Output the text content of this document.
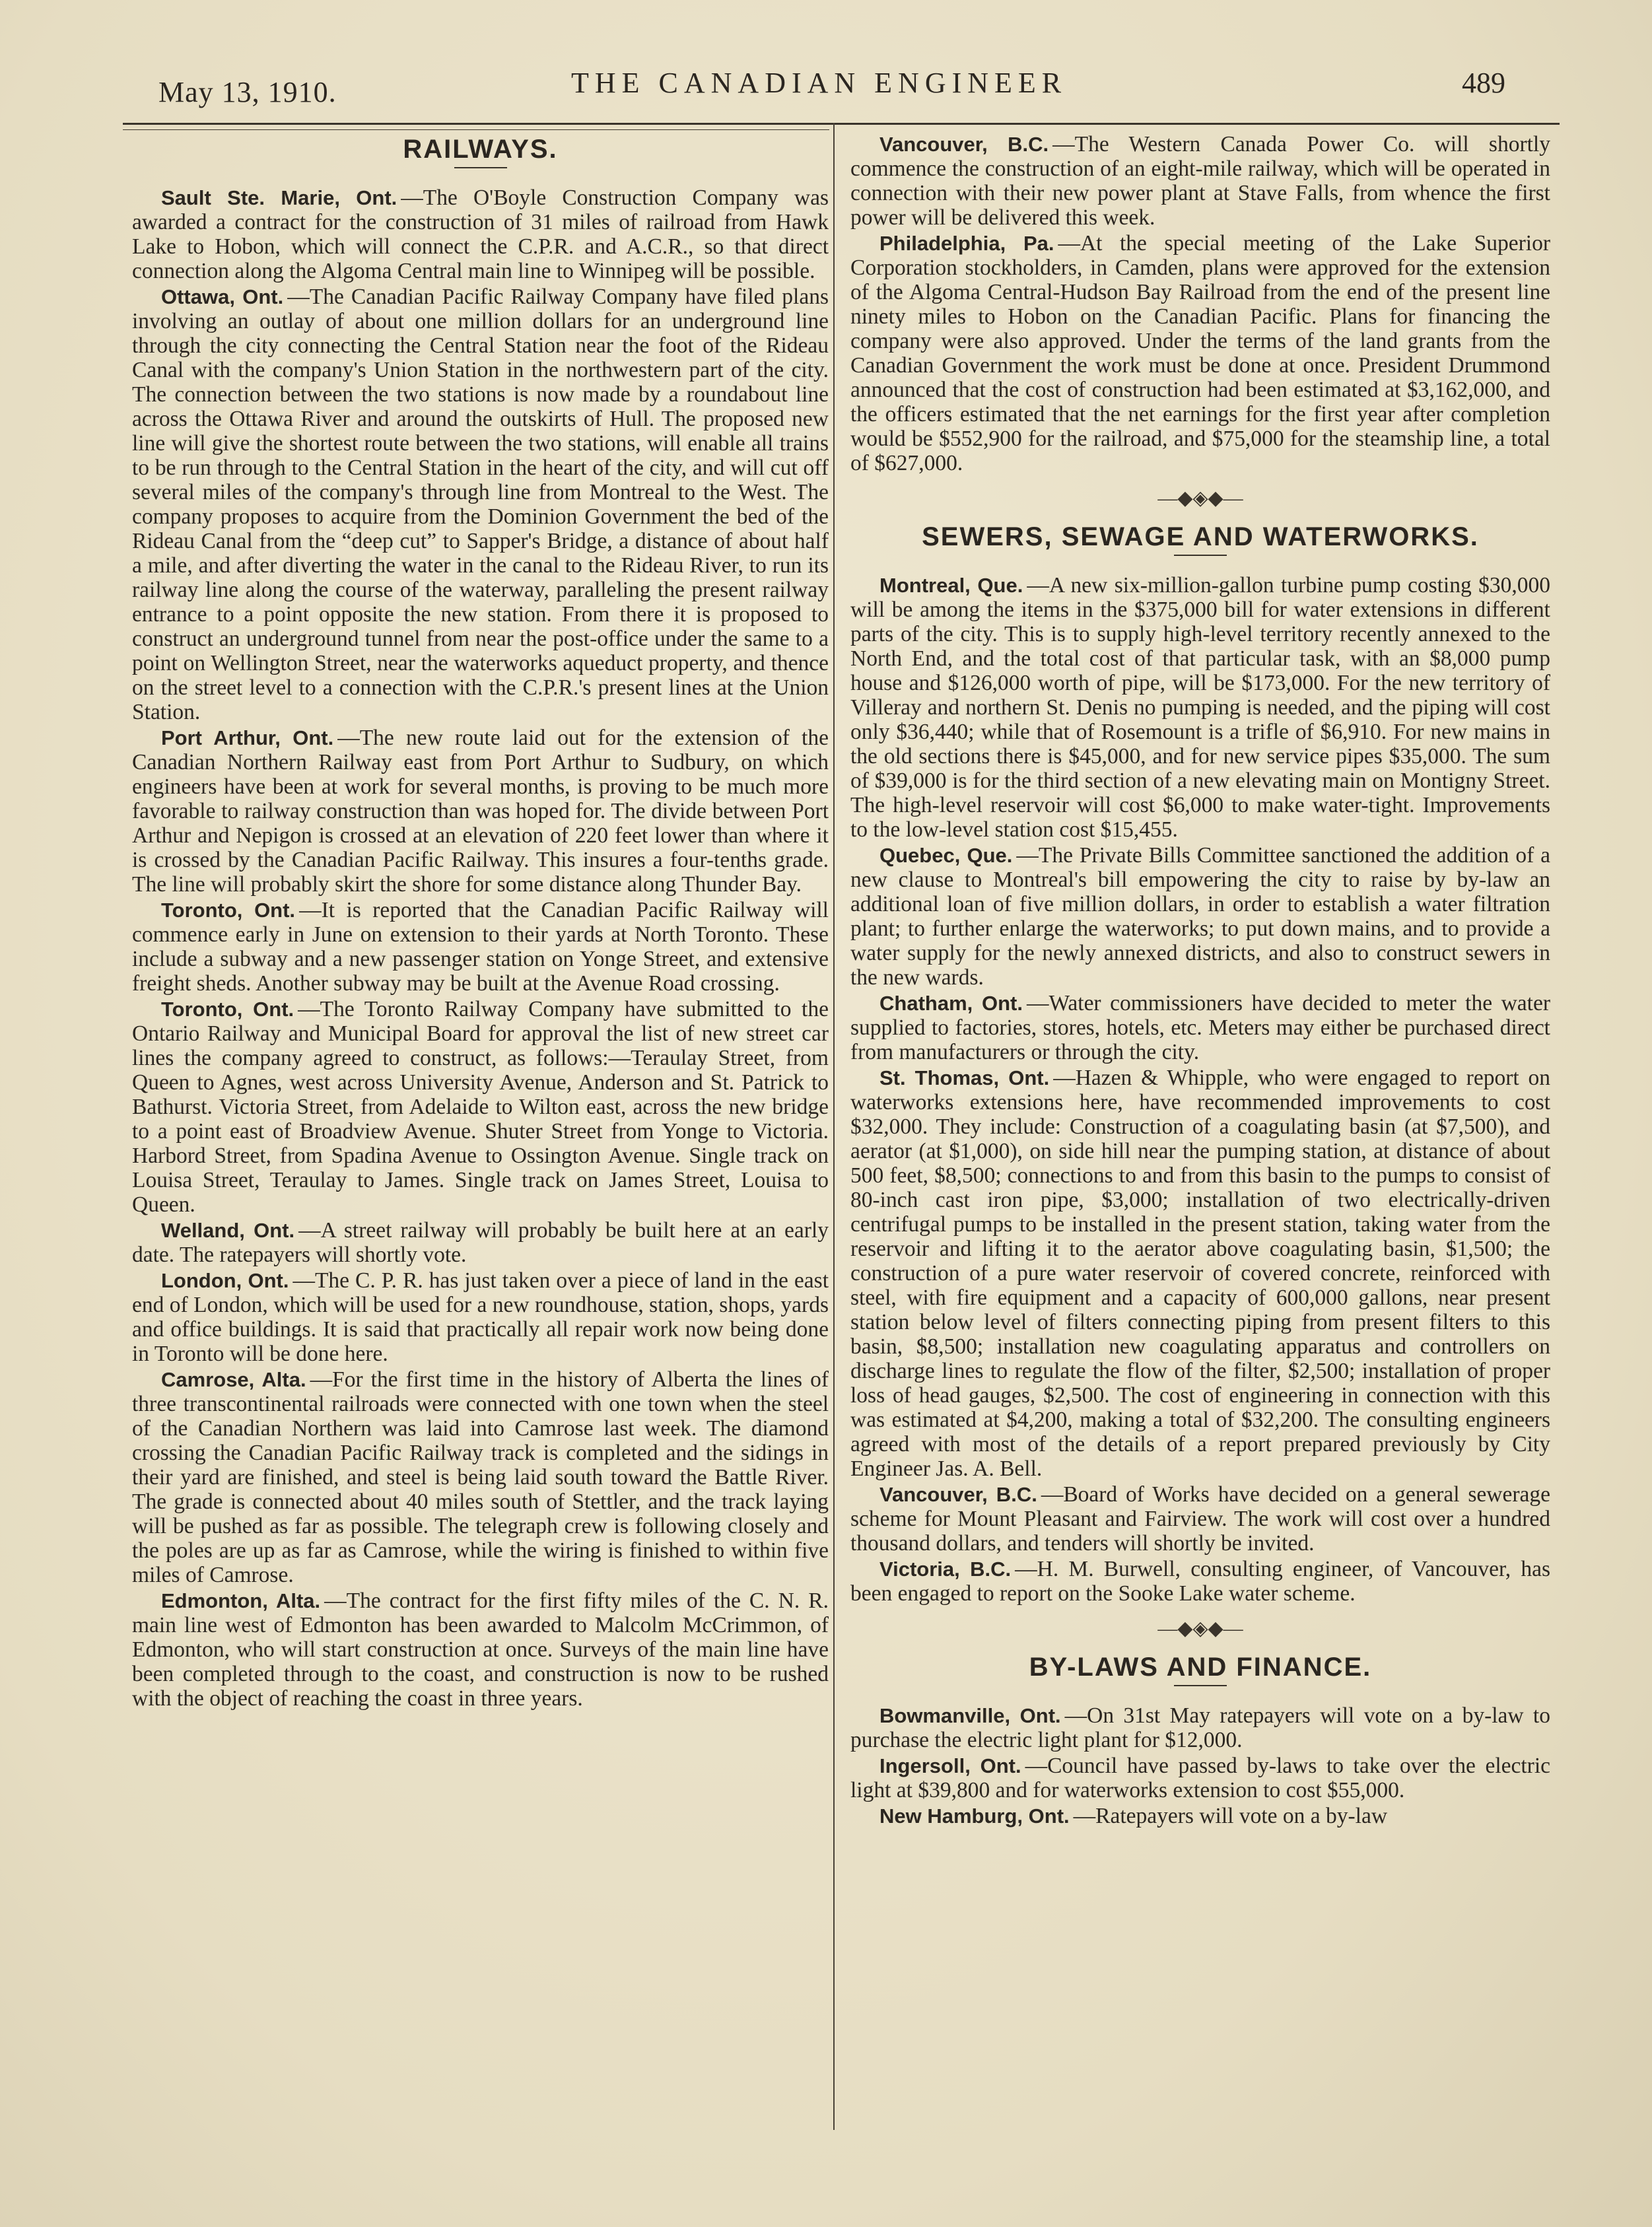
May 13, 1910.	THE CANADIAN ENGINEER	489
RAILWAYS.

Sault Ste. Marie, Ont. —The O'Boyle Construction Company was awarded a contract for the construction of 31 miles of railroad from Hawk Lake to Hobon, which will connect the C.P.R. and A.C.R., so that direct connection along the Algoma Central main line to Winnipeg will be possible.

Ottawa, Ont. —The Canadian Pacific Railway Company have filed plans involving an outlay of about one million dollars for an underground line through the city connecting the Central Station near the foot of the Rideau Canal with the company's Union Station in the northwestern part of the city. The connection between the two stations is now made by a roundabout line across the Ottawa River and around the outskirts of Hull. The proposed new line will give the shortest route between the two stations, will enable all trains to be run through to the Central Station in the heart of the city, and will cut off several miles of the company's through line from Montreal to the West. The company proposes to acquire from the Dominion Government the bed of the Rideau Canal from the “deep cut” to Sapper's Bridge, a distance of about half a mile, and after diverting the water in the canal to the Rideau River, to run its railway line along the course of the waterway, paralleling the present railway entrance to a point opposite the new station. From there it is proposed to construct an underground tunnel from near the post-office under the same to a point on Wellington Street, near the waterworks aqueduct property, and thence on the street level to a connection with the C.P.R.'s present lines at the Union Station.

Port Arthur, Ont. —The new route laid out for the extension of the Canadian Northern Railway east from Port Arthur to Sudbury, on which engineers have been at work for several months, is proving to be much more favorable to railway construction than was hoped for. The divide between Port Arthur and Nepigon is crossed at an elevation of 220 feet lower than where it is crossed by the Canadian Pacific Railway. This insures a four-tenths grade. The line will probably skirt the shore for some distance along Thunder Bay.

Toronto, Ont. —It is reported that the Canadian Pacific Railway will commence early in June on extension to their yards at North Toronto. These include a subway and a new passenger station on Yonge Street, and extensive freight sheds. Another subway may be built at the Avenue Road crossing.

Toronto, Ont. —The Toronto Railway Company have submitted to the Ontario Railway and Municipal Board for approval the list of new street car lines the company agreed to construct, as follows:—Teraulay Street, from Queen to Agnes, west across University Avenue, Anderson and St. Patrick to Bathurst. Victoria Street, from Adelaide to Wilton east, across the new bridge to a point east of Broadview Avenue. Shuter Street from Yonge to Victoria. Harbord Street, from Spadina Avenue to Ossington Avenue. Single track on Louisa Street, Teraulay to James. Single track on James Street, Louisa to Queen.

Welland, Ont. —A street railway will probably be built here at an early date. The ratepayers will shortly vote.

London, Ont. —The C. P. R. has just taken over a piece of land in the east end of London, which will be used for a new roundhouse, station, shops, yards and office buildings. It is said that practically all repair work now being done in Toronto will be done here.

Camrose, Alta. —For the first time in the history of Alberta the lines of three transcontinental railroads were connected with one town when the steel of the Canadian Northern was laid into Camrose last week. The diamond crossing the Canadian Pacific Railway track is completed and the sidings in their yard are finished, and steel is being laid south toward the Battle River. The grade is connected about 40 miles south of Stettler, and the track laying will be pushed as far as possible. The telegraph crew is following closely and the poles are up as far as Camrose, while the wiring is finished to within five miles of Camrose.

Edmonton, Alta. —The contract for the first fifty miles of the C. N. R. main line west of Edmonton has been awarded to Malcolm McCrimmon, of Edmonton, who will start construction at once. Surveys of the main line have been completed through to the coast, and construction is now to be rushed with the object of reaching the coast in three years.

Vancouver, B.C. —The Western Canada Power Co. will shortly commence the construction of an eight-mile railway, which will be operated in connection with their new power plant at Stave Falls, from whence the first power will be delivered this week.

Philadelphia, Pa. —At the special meeting of the Lake Superior Corporation stockholders, in Camden, plans were approved for the extension of the Algoma Central-Hudson Bay Railroad from the end of the present line ninety miles to Hobon on the Canadian Pacific. Plans for financing the company were also approved. Under the terms of the land grants from the Canadian Government the work must be done at once. President Drummond announced that the cost of construction had been estimated at $3,162,000, and the officers estimated that the net earnings for the first year after completion would be $552,900 for the railroad, and $75,000 for the steamship line, a total of $627,000.

—◆◈◆—
SEWERS, SEWAGE AND WATERWORKS.

Montreal, Que. —A new six-million-gallon turbine pump costing $30,000 will be among the items in the $375,000 bill for water extensions in different parts of the city. This is to supply high-level territory recently annexed to the North End, and the total cost of that particular task, with an $8,000 pump house and $126,000 worth of pipe, will be $173,000. For the new territory of Villeray and northern St. Denis no pumping is needed, and the piping will cost only $36,440; while that of Rosemount is a trifle of $6,910. For new mains in the old sections there is $45,000, and for new service pipes $35,000. The sum of $39,000 is for the third section of a new elevating main on Montigny Street. The high-level reservoir will cost $6,000 to make water-tight. Improvements to the low-level station cost $15,455.

Quebec, Que. —The Private Bills Committee sanctioned the addition of a new clause to Montreal's bill empowering the city to raise by by-law an additional loan of five million dollars, in order to establish a water filtration plant; to further enlarge the waterworks; to put down mains, and to provide a water supply for the newly annexed districts, and also to construct sewers in the new wards.

Chatham, Ont. —Water commissioners have decided to meter the water supplied to factories, stores, hotels, etc. Meters may either be purchased direct from manufacturers or through the city.

St. Thomas, Ont. —Hazen & Whipple, who were engaged to report on waterworks extensions here, have recommended improvements to cost $32,000. They include: Construction of a coagulating basin (at $7,500), and aerator (at $1,000), on side hill near the pumping station, at distance of about 500 feet, $8,500; connections to and from this basin to the pumps to consist of 80-inch cast iron pipe, $3,000; installation of two electrically-driven centrifugal pumps to be installed in the present station, taking water from the reservoir and lifting it to the aerator above coagulating basin, $1,500; the construction of a pure water reservoir of covered concrete, reinforced with steel, with fire equipment and a capacity of 600,000 gallons, near present station below level of filters connecting piping from present filters to this basin, $8,500; installation new coagulating apparatus and controllers on discharge lines to regulate the flow of the filter, $2,500; installation of proper loss of head gauges, $2,500. The cost of engineering in connection with this was estimated at $4,200, making a total of $32,200. The consulting engineers agreed with most of the details of a report prepared previously by City Engineer Jas. A. Bell.

Vancouver, B.C. —Board of Works have decided on a general sewerage scheme for Mount Pleasant and Fairview. The work will cost over a hundred thousand dollars, and tenders will shortly be invited.

Victoria, B.C. —H. M. Burwell, consulting engineer, of Vancouver, has been engaged to report on the Sooke Lake water scheme.

—◆◈◆—
BY-LAWS AND FINANCE.

Bowmanville, Ont. —On 31st May ratepayers will vote on a by-law to purchase the electric light plant for $12,000.

Ingersoll, Ont. —Council have passed by-laws to take over the electric light at $39,800 and for waterworks extension to cost $55,000.

New Hamburg, Ont. —Ratepayers will vote on a by-law
